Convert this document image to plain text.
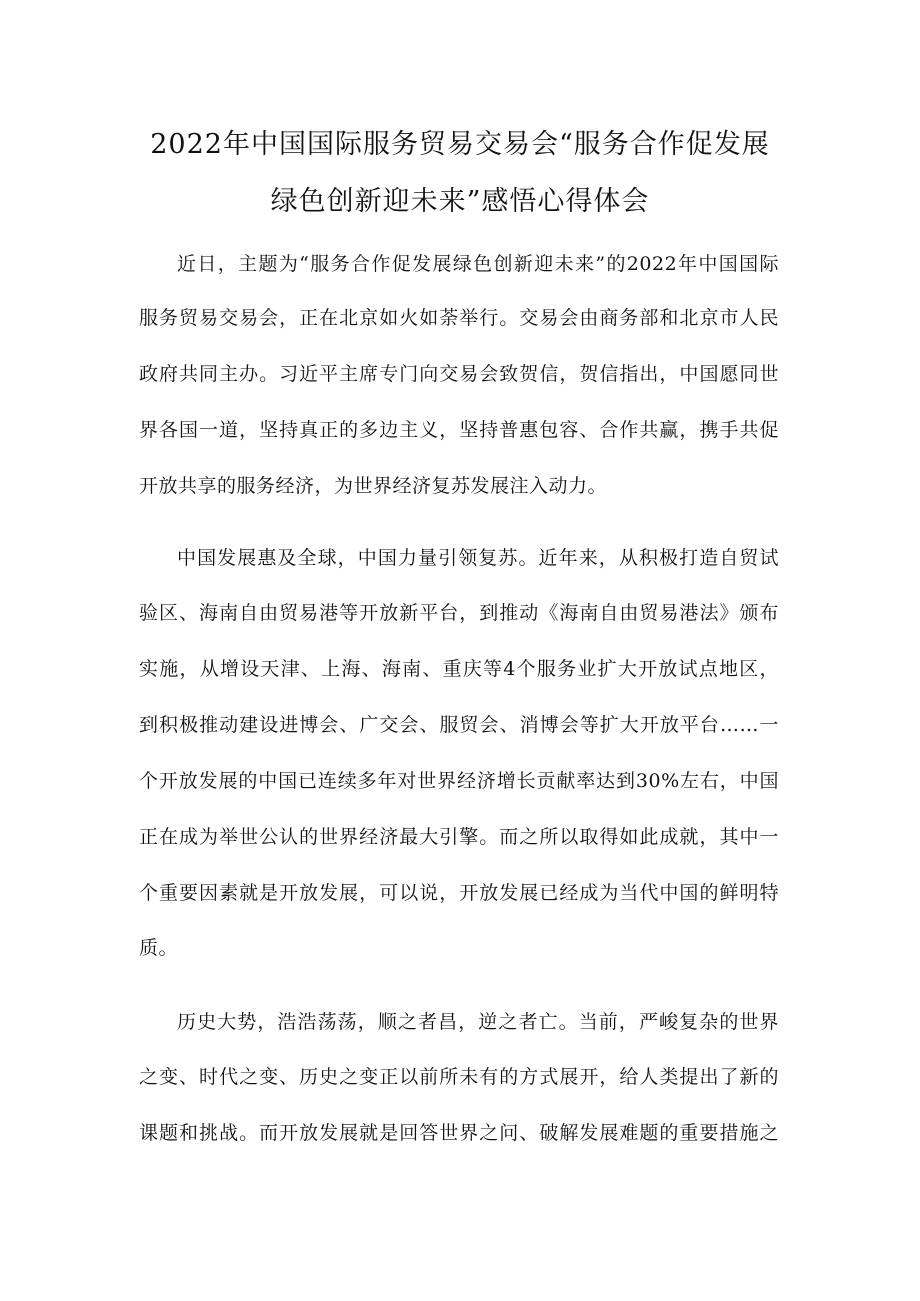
2022年中国国际服务贸易交易会“服务合作促发展
绿色创新迎未来”感悟心得体会
近日，主题为“服务合作促发展绿色创新迎未来”的2022年中国国际
服务贸易交易会，正在北京如火如荼举行。交易会由商务部和北京市人民
政府共同主办。习近平主席专门向交易会致贺信，贺信指出，中国愿同世
界各国一道，坚持真正的多边主义，坚持普惠包容、合作共赢，携手共促
开放共享的服务经济，为世界经济复苏发展注入动力。
中国发展惠及全球，中国力量引领复苏。近年来，从积极打造自贸试
验区、海南自由贸易港等开放新平台，到推动《海南自由贸易港法》颁布
实施，从增设天津、上海、海南、重庆等4个服务业扩大开放试点地区，
到积极推动建设进博会、广交会、服贸会、消博会等扩大开放平台……一
个开放发展的中国已连续多年对世界经济增长贡献率达到30%左右，中国
正在成为举世公认的世界经济最大引擎。而之所以取得如此成就，其中一
个重要因素就是开放发展，可以说，开放发展已经成为当代中国的鲜明特
质。
历史大势，浩浩荡荡，顺之者昌，逆之者亡。当前，严峻复杂的世界
之变、时代之变、历史之变正以前所未有的方式展开，给人类提出了新的
课题和挑战。而开放发展就是回答世界之问、破解发展难题的重要措施之
